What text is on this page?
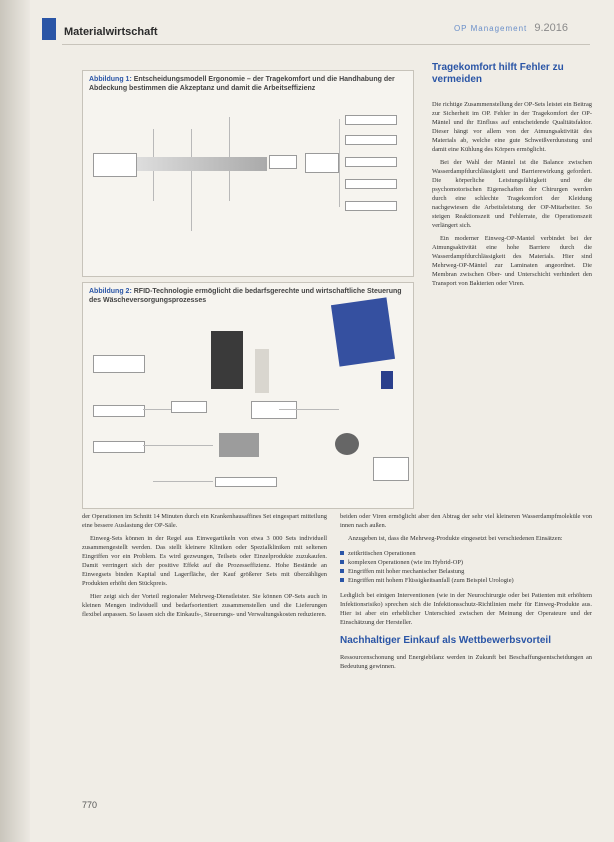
Materialwirtschaft	OP Management 9.2016
Abbildung 1: Entscheidungsmodell Ergonomie – der Tragekomfort und die Handhabung der Abdeckung bestimmen die Akzeptanz und damit die Arbeitseffizienz
Abbildung 2: RFID-Technologie ermöglicht die bedarfsgerechte und wirtschaftliche Steuerung des Wäscheversorgungsprozesses
Tragekomfort hilft Fehler zu vermeiden

Die richtige Zusammenstellung der OP-Sets leistet ein Beitrag zur Sicherheit im OP. Fehler in der Tragekomfort der OP-Mäntel und ihr Einfluss auf entscheidende Qualitätsfaktor. Dieser hängt vor allem von der Atmungsaktivität des Materials ab, welche eine gute Schweißverdunstung und damit eine Kühlung des Körpers ermöglicht.

Bei der Wahl der Mäntel ist die Balance zwischen Wasserdampfdurchlässigkeit und Barrierewirkung gefordert. Die körperliche Leistungsfähigkeit und die psychomotorischen Eigenschaften der Chirurgen werden durch eine schlechte Tragekomfort der Kleidung nachgewiesen die Arbeitsleistung der OP-Mitarbeiter. So steigen Reaktionszeit und Fehlerrate, die Operationszeit verlängert sich.

Ein moderner Einweg-OP-Mantel verbindet bei der Atmungsaktivität eine hohe Barriere durch die Wasserdampfdurchlässigkeit des Materials. Hier sind Mehrweg-OP-Mäntel zur Laminaten angeordnet. Die Membran zwischen Ober- und Unterschicht verhindert den Transport von Bakterien oder Viren.

der Operationen im Schnitt 14 Minuten durch ein Krankenhausaffines Set eingespart mitteilung eine bessere Auslastung der OP-Säle.

Einweg-Sets können in der Regel aus Einwegartikeln von etwa 3 000 Sets individuell zusammengestellt werden. Das stellt kleinere Kliniken oder Spezialkliniken mit seltenen Eingriffen vor ein Problem. Es wird gezwungen, Teilsets oder Einzelprodukte zuzukaufen. Damit verringert sich der positive Effekt auf die Prozesseffizienz. Hohe Bestände an Einwegsets binden Kapital und Lagerfläche, der Kauf größerer Sets mit überzähligen Produkten erhöht den Stückpreis.

Hier zeigt sich der Vorteil regionaler Mehrweg-Dienstleister. Sie können OP-Sets auch in kleinen Mengen individuell und bedarfsorientiert zusammenstellen und die Lieferungen flexibel anpassen. So lassen sich die Einkaufs-, Steuerungs- und Verwaltungskosten reduzieren.

beiden oder Viren ermöglicht aber den Abtrag der sehr viel kleineren Wasserdampfmoleküle von innen nach außen.

Anzugeben ist, dass die Mehrweg-Produkte eingesetzt bei verschiedenen Einsätzen:

zeitkritischen Operationen
komplexen Operationen (wie im Hybrid-OP)
Eingriffen mit hoher mechanischer Belastung
Eingriffen mit hohem Flüssigkeitsanfall (zum Beispiel Urologie)

Lediglich bei einigen Interventionen (wie in der Neurochirurgie oder bei Patienten mit erhöhtem Infektionsrisiko) sprechen sich die Infektionsschutz-Richtlinien mehr für Einweg-Produkte aus. Hier ist aber ein erheblicher Unterschied zwischen der Meinung der Operateure und der Einschätzung der Hersteller.

Nachhaltiger Einkauf als Wettbewerbsvorteil

Ressourcenschonung und Energiebilanz werden in Zukunft bei Beschaffungsentscheidungen an Bedeutung gewinnen.

770
